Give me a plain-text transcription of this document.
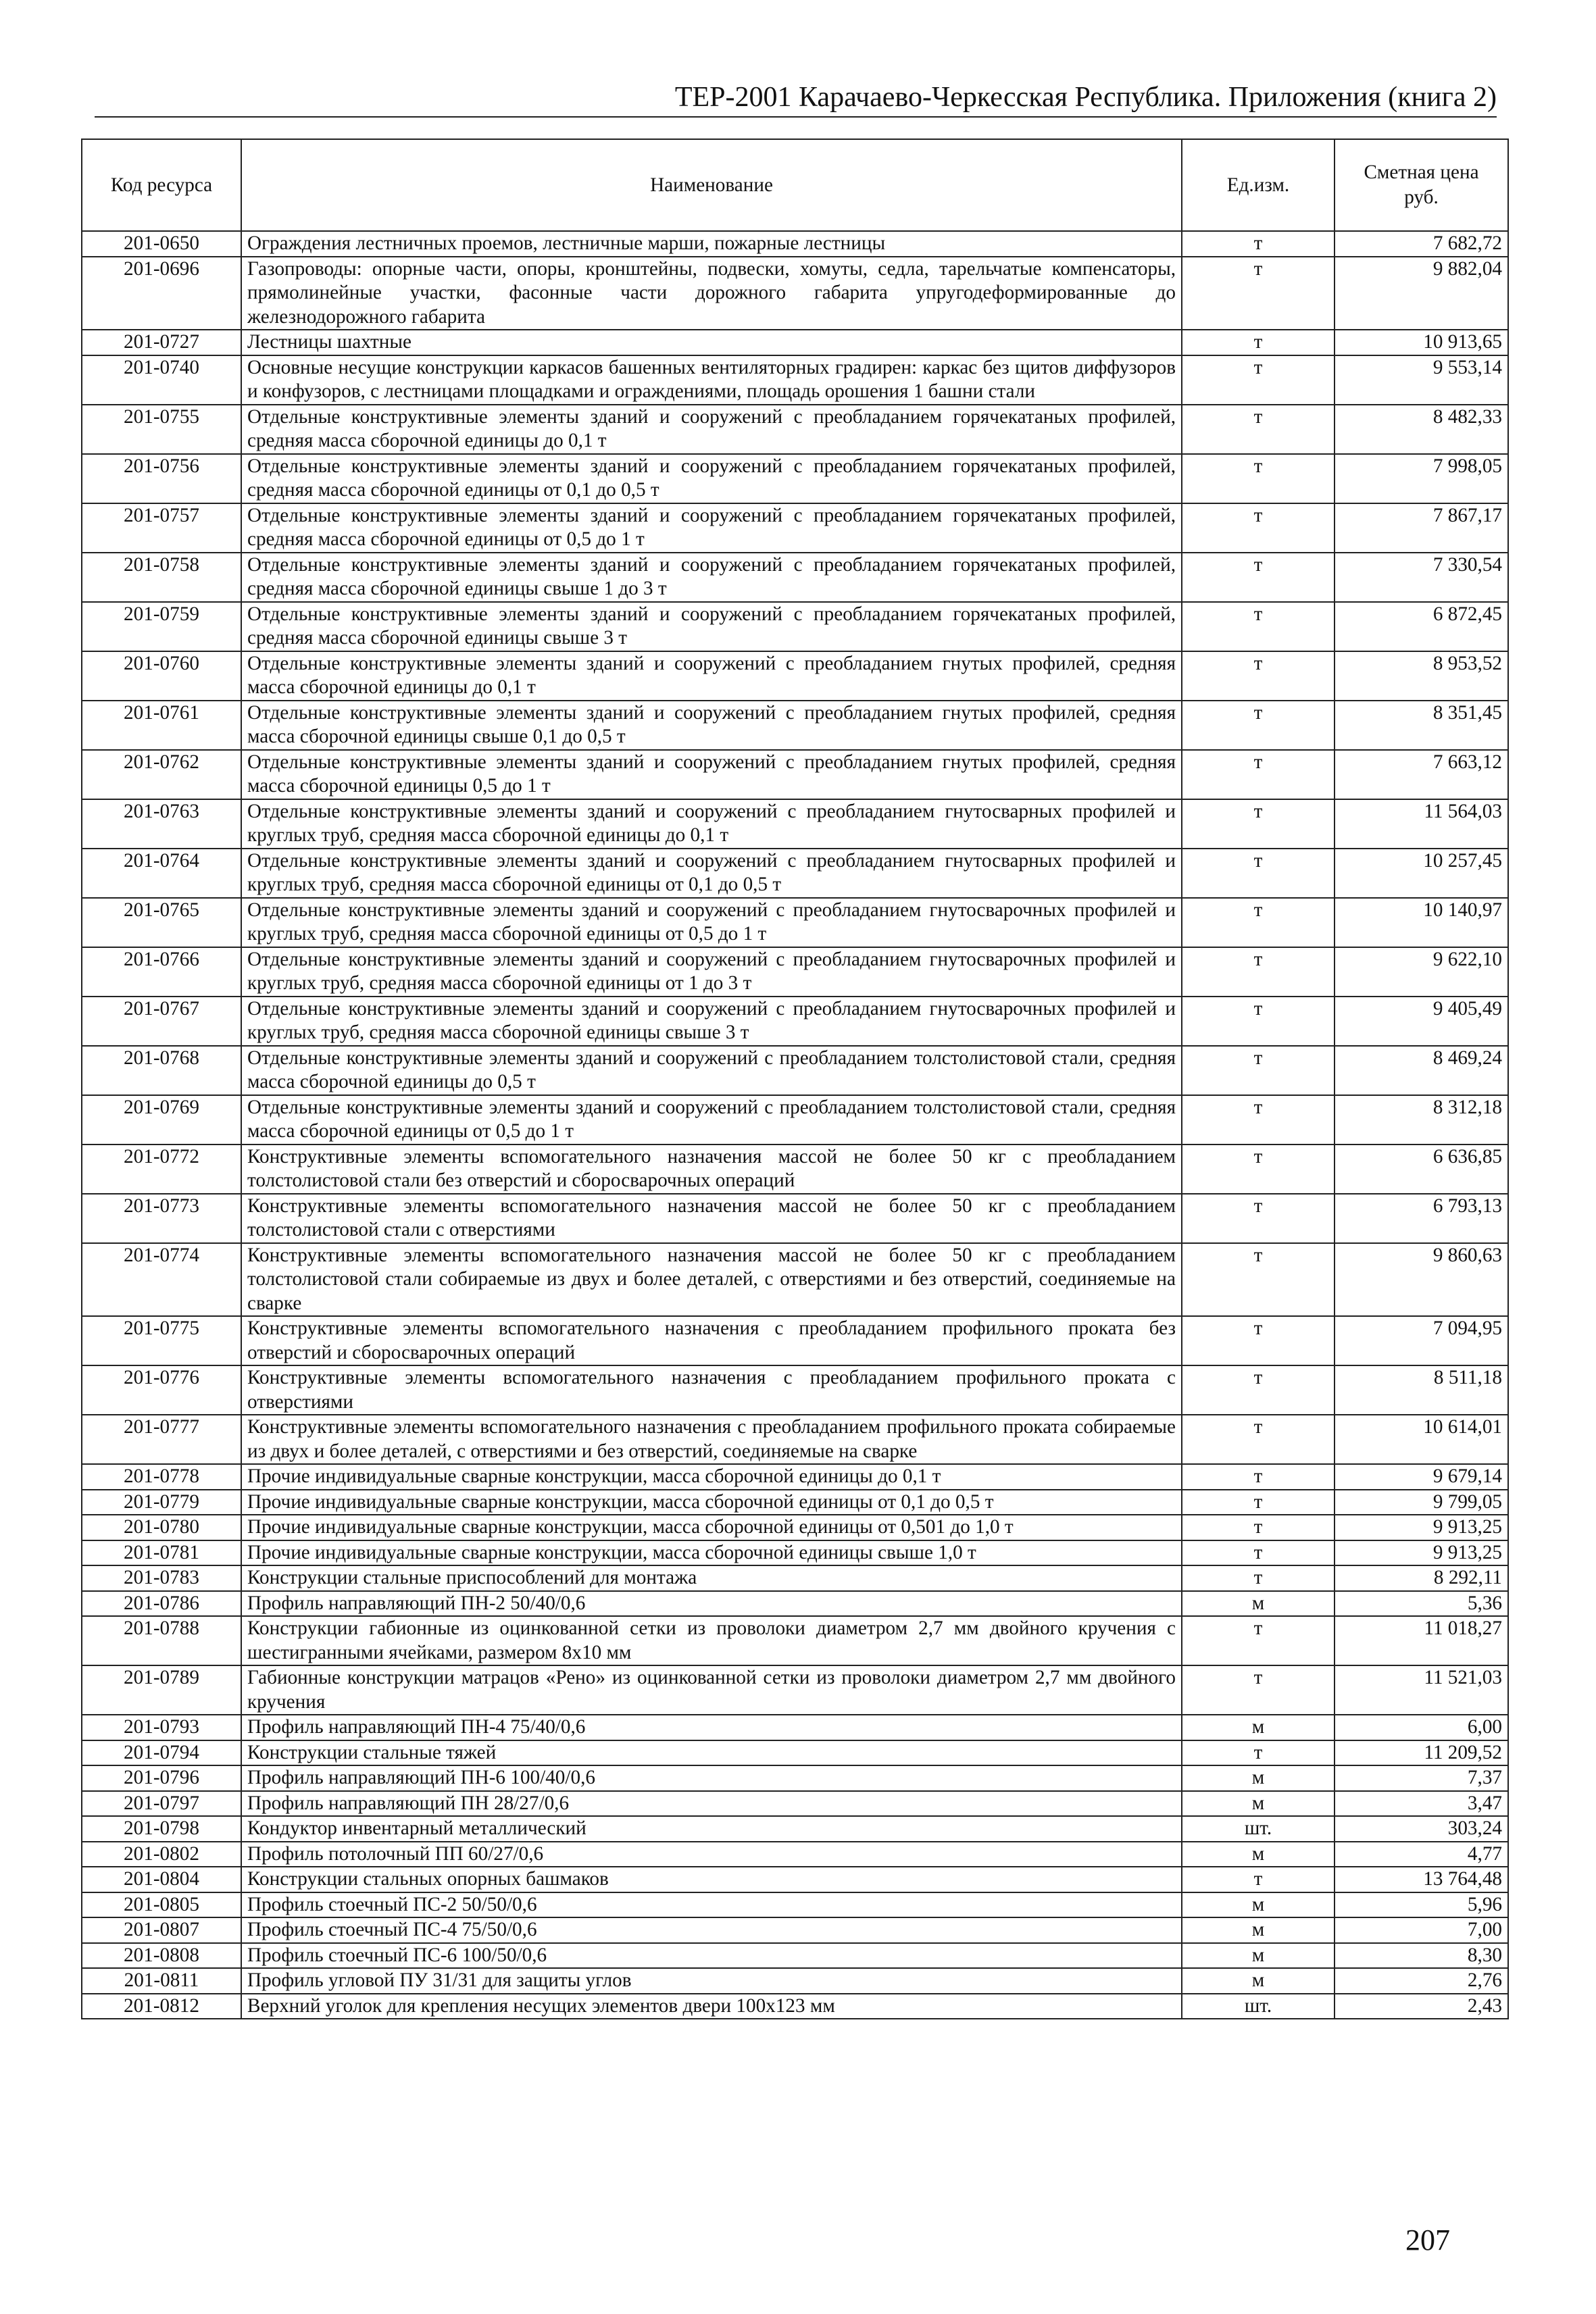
ТЕР-2001 Карачаево-Черкесская Республика. Приложения (книга 2)
Код ресурса	Наименование	Ед.изм.	Сметная цена руб.
201-0650	Ограждения лестничных проемов, лестничные марши, пожарные лестницы	т	7 682,72
201-0696	Газопроводы: опорные части, опоры, кронштейны, подвески, хомуты, седла, тарельчатые компенсаторы, прямолинейные участки, фасонные части дорожного габарита упругодеформированные до железнодорожного габарита	т	9 882,04
201-0727	Лестницы шахтные	т	10 913,65
201-0740	Основные несущие конструкции каркасов башенных вентиляторных градирен: каркас без щитов диффузоров и конфузоров, с лестницами площадками и ограждениями, площадь орошения 1 башни стали	т	9 553,14
201-0755	Отдельные конструктивные элементы зданий и сооружений с преобладанием горячекатаных профилей, средняя масса сборочной единицы до 0,1 т	т	8 482,33
201-0756	Отдельные конструктивные элементы зданий и сооружений с преобладанием горячекатаных профилей, средняя масса сборочной единицы от 0,1 до 0,5 т	т	7 998,05
201-0757	Отдельные конструктивные элементы зданий и сооружений с преобладанием горячекатаных профилей, средняя масса сборочной единицы от 0,5 до 1 т	т	7 867,17
201-0758	Отдельные конструктивные элементы зданий и сооружений с преобладанием горячекатаных профилей, средняя масса сборочной единицы свыше 1 до 3 т	т	7 330,54
201-0759	Отдельные конструктивные элементы зданий и сооружений с преобладанием горячекатаных профилей, средняя масса сборочной единицы свыше 3 т	т	6 872,45
201-0760	Отдельные конструктивные элементы зданий и сооружений с преобладанием гнутых профилей, средняя масса сборочной единицы до 0,1 т	т	8 953,52
201-0761	Отдельные конструктивные элементы зданий и сооружений с преобладанием гнутых профилей, средняя масса сборочной единицы свыше 0,1 до 0,5 т	т	8 351,45
201-0762	Отдельные конструктивные элементы зданий и сооружений с преобладанием гнутых профилей, средняя масса сборочной единицы 0,5 до 1 т	т	7 663,12
201-0763	Отдельные конструктивные элементы зданий и сооружений с преобладанием гнутосварных профилей и круглых труб, средняя масса сборочной единицы до 0,1 т	т	11 564,03
201-0764	Отдельные конструктивные элементы зданий и сооружений с преобладанием гнутосварных профилей и круглых труб, средняя масса сборочной единицы от 0,1 до 0,5 т	т	10 257,45
201-0765	Отдельные конструктивные элементы зданий и сооружений с преобладанием гнутосварочных профилей и круглых труб, средняя масса сборочной единицы от 0,5 до 1 т	т	10 140,97
201-0766	Отдельные конструктивные элементы зданий и сооружений с преобладанием гнутосварочных профилей и круглых труб, средняя масса сборочной единицы от 1 до 3 т	т	9 622,10
201-0767	Отдельные конструктивные элементы зданий и сооружений с преобладанием гнутосварочных профилей и круглых труб, средняя масса сборочной единицы свыше 3 т	т	9 405,49
201-0768	Отдельные конструктивные элементы зданий и сооружений с преобладанием толстолистовой стали, средняя масса сборочной единицы до 0,5 т	т	8 469,24
201-0769	Отдельные конструктивные элементы зданий и сооружений с преобладанием толстолистовой стали, средняя масса сборочной единицы от 0,5 до 1 т	т	8 312,18
201-0772	Конструктивные элементы вспомогательного назначения массой не более 50 кг с преобладанием толстолистовой стали без отверстий и сборосварочных операций	т	6 636,85
201-0773	Конструктивные элементы вспомогательного назначения массой не более 50 кг с преобладанием толстолистовой стали с отверстиями	т	6 793,13
201-0774	Конструктивные элементы вспомогательного назначения массой не более 50 кг с преобладанием толстолистовой стали собираемые из двух и более деталей, с отверстиями и без отверстий, соединяемые на сварке	т	9 860,63
201-0775	Конструктивные элементы вспомогательного назначения с преобладанием профильного проката без отверстий и сборосварочных операций	т	7 094,95
201-0776	Конструктивные элементы вспомогательного назначения с преобладанием профильного проката с отверстиями	т	8 511,18
201-0777	Конструктивные элементы вспомогательного назначения с преобладанием профильного проката собираемые из двух и более деталей, с отверстиями и без отверстий, соединяемые на сварке	т	10 614,01
201-0778	Прочие индивидуальные сварные конструкции, масса сборочной единицы до 0,1 т	т	9 679,14
201-0779	Прочие индивидуальные сварные конструкции, масса сборочной единицы от 0,1 до 0,5 т	т	9 799,05
201-0780	Прочие индивидуальные сварные конструкции, масса сборочной единицы от 0,501 до 1,0 т	т	9 913,25
201-0781	Прочие индивидуальные сварные конструкции, масса сборочной единицы свыше 1,0 т	т	9 913,25
201-0783	Конструкции стальные приспособлений для монтажа	т	8 292,11
201-0786	Профиль направляющий ПН-2 50/40/0,6	м	5,36
201-0788	Конструкции габионные из оцинкованной сетки из проволоки диаметром 2,7 мм двойного кручения с шестигранными ячейками, размером 8х10 мм	т	11 018,27
201-0789	Габионные конструкции матрацов «Рено» из оцинкованной сетки из проволоки диаметром 2,7 мм двойного кручения	т	11 521,03
201-0793	Профиль направляющий ПН-4 75/40/0,6	м	6,00
201-0794	Конструкции стальные тяжей	т	11 209,52
201-0796	Профиль направляющий ПН-6 100/40/0,6	м	7,37
201-0797	Профиль направляющий ПН 28/27/0,6	м	3,47
201-0798	Кондуктор инвентарный металлический	шт.	303,24
201-0802	Профиль потолочный ПП 60/27/0,6	м	4,77
201-0804	Конструкции стальных опорных башмаков	т	13 764,48
201-0805	Профиль стоечный ПС-2 50/50/0,6	м	5,96
201-0807	Профиль стоечный ПС-4 75/50/0,6	м	7,00
201-0808	Профиль стоечный ПС-6 100/50/0,6	м	8,30
201-0811	Профиль угловой ПУ 31/31 для защиты углов	м	2,76
201-0812	Верхний уголок для крепления несущих элементов двери 100х123 мм	шт.	2,43
207
